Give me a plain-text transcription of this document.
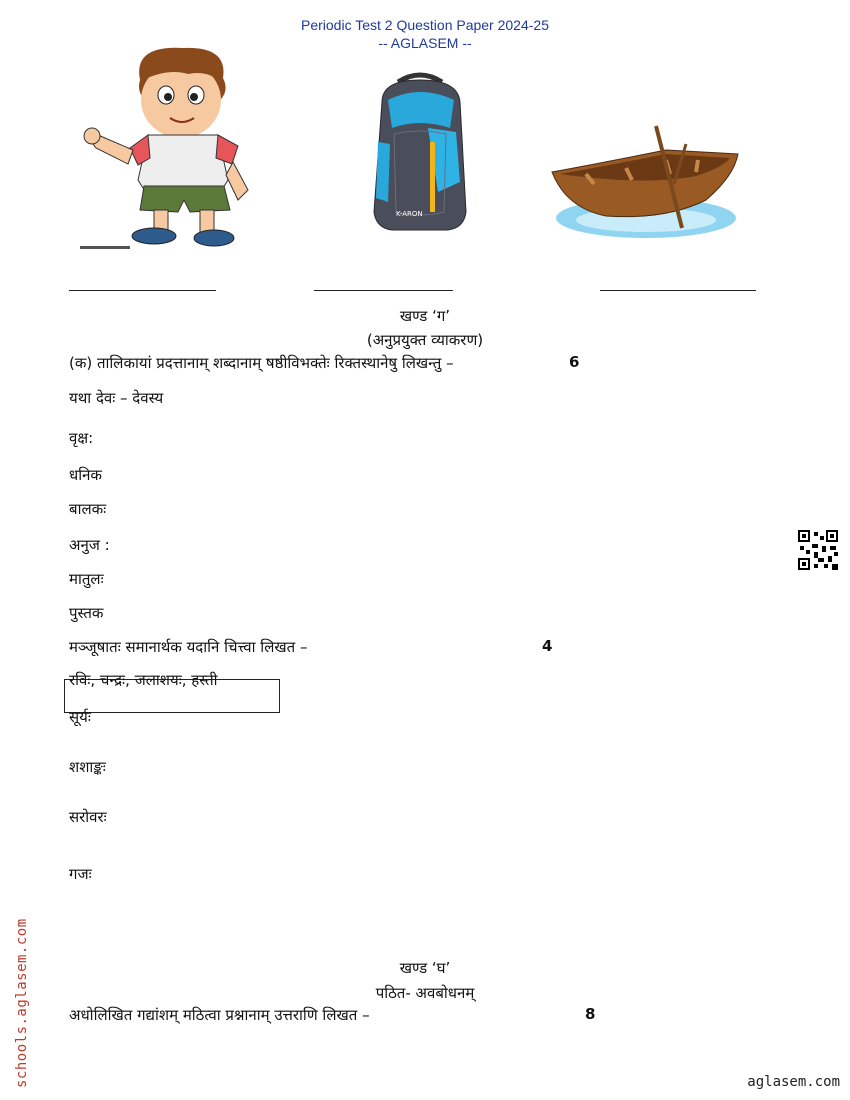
Periodic Test 2 Question Paper 2024-25
-- AGLASEM --
K-ARON
खण्ड ‘ग’
(अनुप्रयुक्त व्याकरण)
(क) तालिकायां प्रदत्तानाम् शब्दानाम् षष्ठीविभक्तेः रिक्तस्थानेषु लिखन्तु –	6
यथा देवः – देवस्य
वृक्ष:
धनिक
बालकः
अनुज :
मातुलः
पुस्तक
मञ्जूषातः समानार्थक यदानि चित्त्वा लिखत –	4
रविः, चन्द्रः, जलाशयः, हस्ती
सूर्यः
शशाङ्कः
सरोवरः
गजः
खण्ड ‘घ’
पठित- अवबोधनम्
अधोलिखित गद्यांशम् मठित्वा प्रश्नानाम् उत्तराणि लिखत –	8
schools.aglasem.com	aglasem.com
